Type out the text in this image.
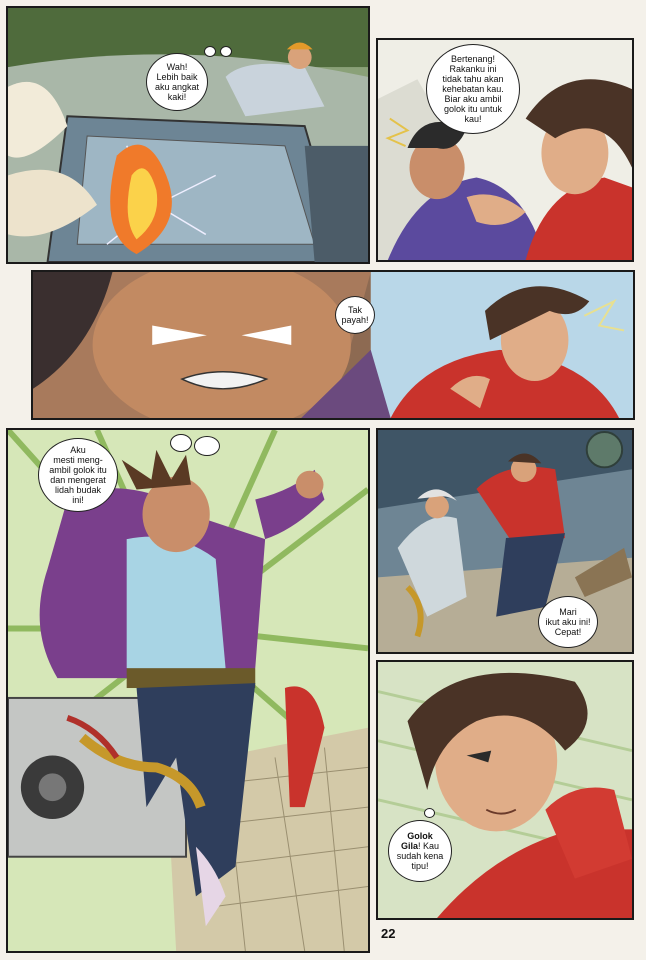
Wah!
Lebih baik
aku angkat
kaki!
Bertenang!
Rakanku ini
tidak tahu akan
kehebatan kau.
Biar aku ambil
golok itu untuk
kau!
Tak
payah!
Aku
mesti meng-
ambil golok itu
dan mengerat
lidah budak
ini!
Mari
ikut aku ini!
Cepat!
Golok
Gila! Kau
sudah kena
tipu!
22
